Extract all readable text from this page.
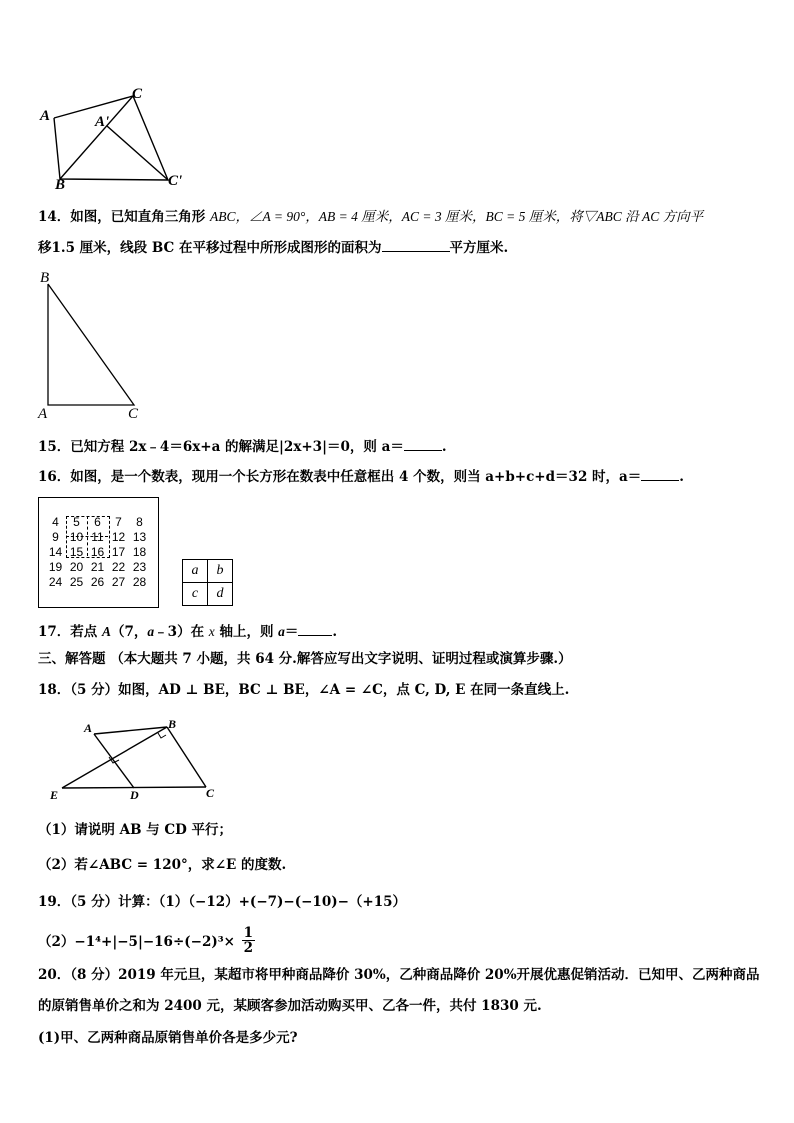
A	A'
B
C
C'
14．如图，已知直角三角形 ABC，∠A = 90°，AB = 4 厘米，AC = 3 厘米，BC = 5 厘米，将▽ABC 沿 AC 方向平
移1.5 厘米，线段 BC 在平移过程中所形成图形的面积为	平方厘米.
B
A	C
15．已知方程 2x﹣4＝6x+a 的解满足|2x+3|＝0，则 a＝	.
16．如图，是一个数表，现用一个长方形在数表中任意框出 4 个数，则当 a+b+c+d＝32 时，a＝	.
4	5	6	7	8
9	10	11	12	13
14	15	16	17	18
19	20	21	22	23
24	25	26	27	28
a	b
c	d
17．若点 A（7，a﹣3）在 x 轴上，则 a＝	.
三、解答题 （本大题共 7 小题，共 64 分.解答应写出文字说明、证明过程或演算步骤.）
18．（5 分）如图，AD ⊥ BE，BC ⊥ BE，∠A = ∠C，点 C, D, E 在同一条直线上.
A	B
E	D	C
（1）请说明 AB 与 CD 平行；
（2）若∠ABC = 120°，求∠E 的度数.
19．（5 分）计算：（1）（−12）+(−7)−(−10)−（+15）
$(2)-1^4+|-5|-16\div(-2)^3\times \frac{1}{2}$
20．（8 分）2019 年元旦，某超市将甲种商品降价 30%，乙种商品降价 20%开展优惠促销活动．已知甲、乙两种商品
的原销售单价之和为 2400 元，某顾客参加活动购买甲、乙各一件，共付 1830 元.
(1)甲、乙两种商品原销售单价各是多少元?
